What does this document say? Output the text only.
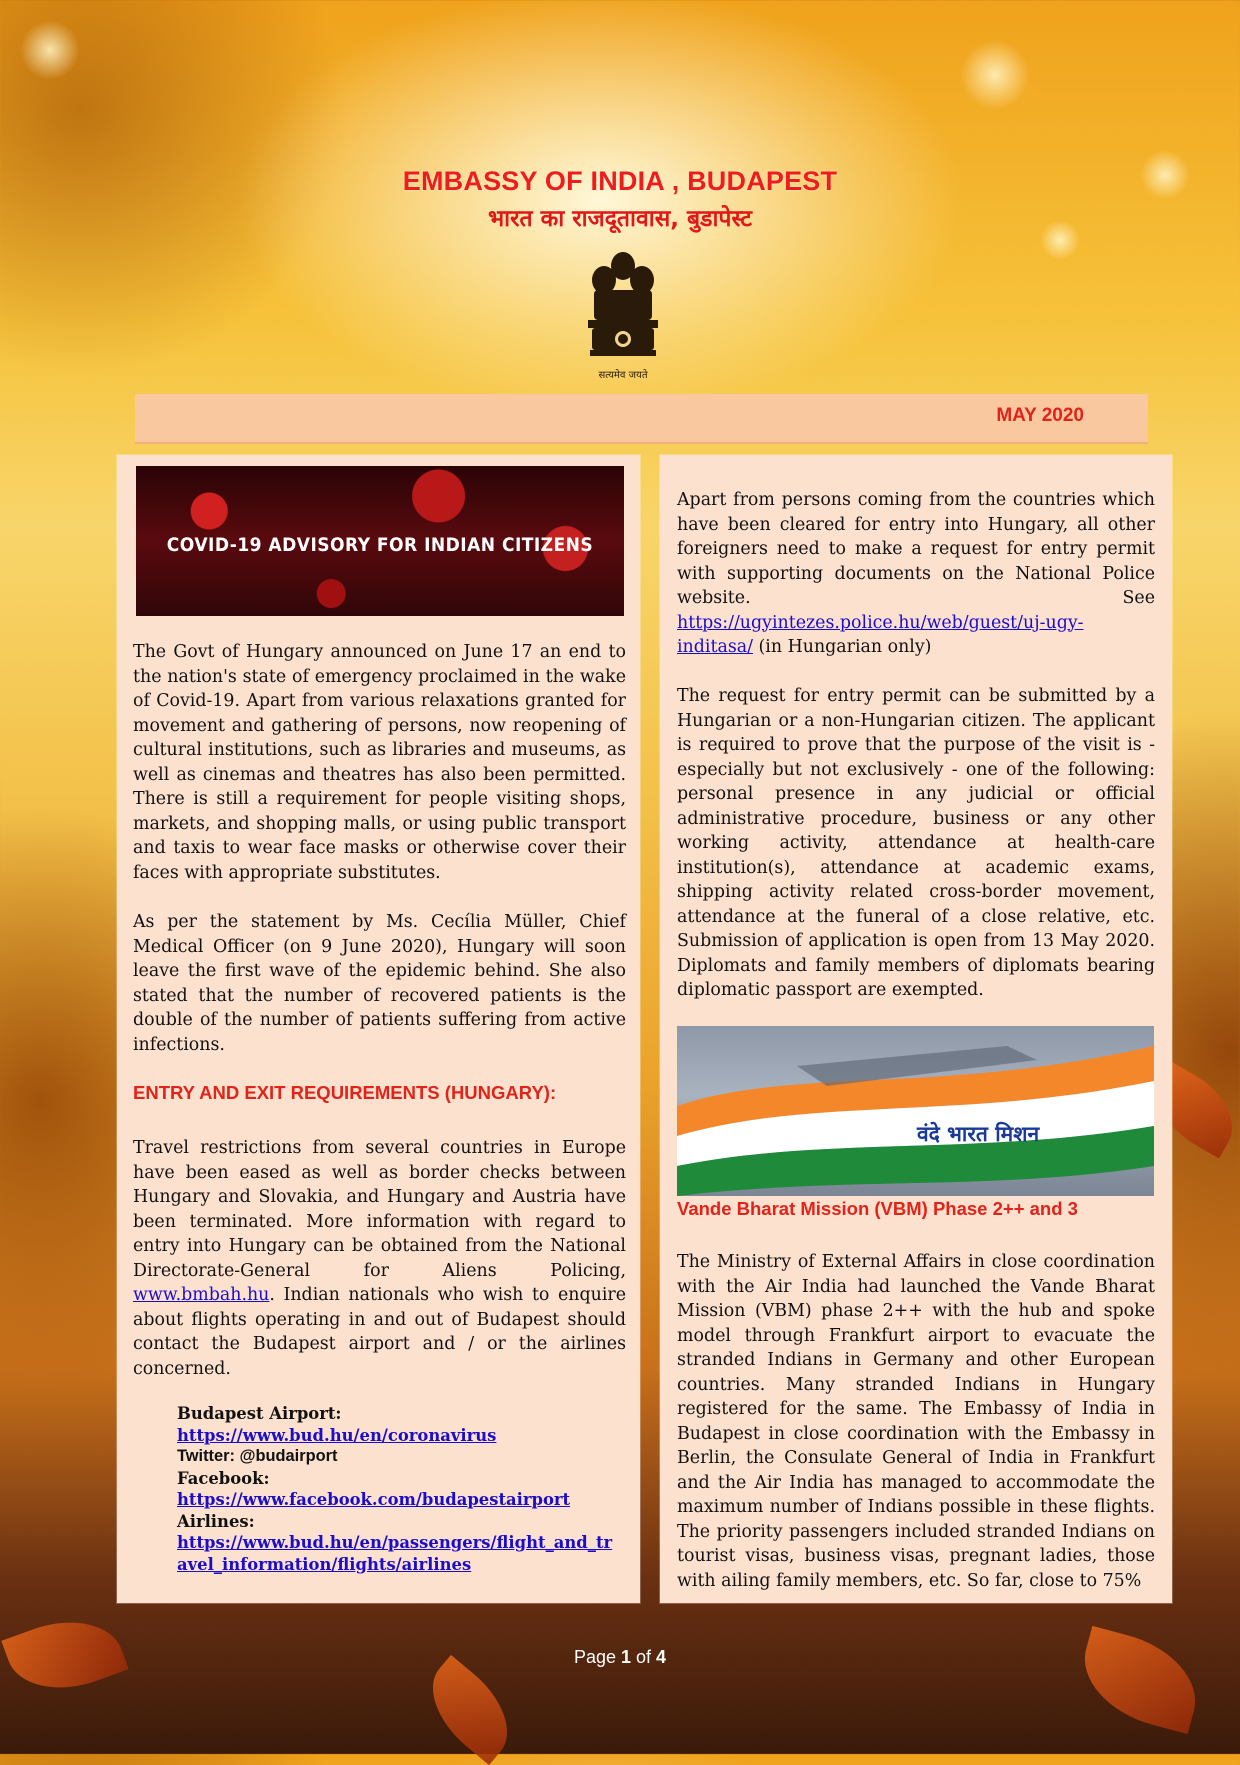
EMBASSY OF INDIA , BUDAPEST
भारत का राजदूतावास, बुडापेस्ट
सत्यमेव जयते
MAY 2020
COVID-19 ADVISORY FOR INDIAN CITIZENS

The Govt of Hungary announced on June 17 an end to the nation's state of emergency proclaimed in the wake of Covid-19. Apart from various relaxations granted for movement and gathering of persons, now reopening of cultural institutions, such as libraries and museums, as well as cinemas and theatres has also been permitted. There is still a requirement for people visiting shops, markets, and shopping malls, or using public transport and taxis to wear face masks or otherwise cover their faces with appropriate substitutes.

As per the statement by Ms. Cecília Müller, Chief Medical Officer (on 9 June 2020), Hungary will soon leave the first wave of the epidemic behind. She also stated that the number of recovered patients is the double of the number of patients suffering from active infections.

ENTRY AND EXIT REQUIREMENTS (HUNGARY):

Travel restrictions from several countries in Europe have been eased as well as border checks between Hungary and Slovakia, and Hungary and Austria have been terminated. More information with regard to entry into Hungary can be obtained from the National Directorate-General for Aliens Policing, www.bmbah.hu. Indian nationals who wish to enquire about flights operating in and out of Budapest should contact the Budapest airport and / or the airlines concerned.

Budapest Airport:
https://www.bud.hu/en/coronavirus
Twitter: @budairport
Facebook:
https://www.facebook.com/budapestairport
Airlines:
https://www.bud.hu/en/passengers/flight_and_travel_information/flights/airlines

Apart from persons coming from the countries which have been cleared for entry into Hungary, all other foreigners need to make a request for entry permit with supporting documents on the National Police website. See https://ugyintezes.police.hu/web/guest/uj-ugy-inditasa/ (in Hungarian only)

The request for entry permit can be submitted by a Hungarian or a non-Hungarian citizen. The applicant is required to prove that the purpose of the visit is - especially but not exclusively - one of the following: personal presence in any judicial or official administrative procedure, business or any other working activity, attendance at health-care institution(s), attendance at academic exams, shipping activity related cross-border movement, attendance at the funeral of a close relative, etc. Submission of application is open from 13 May 2020. Diplomats and family members of diplomats bearing diplomatic passport are exempted.

वंदे भारत मिशन
Vande Bharat Mission (VBM) Phase 2++ and 3

The Ministry of External Affairs in close coordination with the Air India had launched the Vande Bharat Mission (VBM) phase 2++ with the hub and spoke model through Frankfurt airport to evacuate the stranded Indians in Germany and other European countries. Many stranded Indians in Hungary registered for the same. The Embassy of India in Budapest in close coordination with the Embassy in Berlin, the Consulate General of India in Frankfurt and the Air India has managed to accommodate the maximum number of Indians possible in these flights. The priority passengers included stranded Indians on tourist visas, business visas, pregnant ladies, those with ailing family members, etc. So far, close to 75%

Page 1 of 4
